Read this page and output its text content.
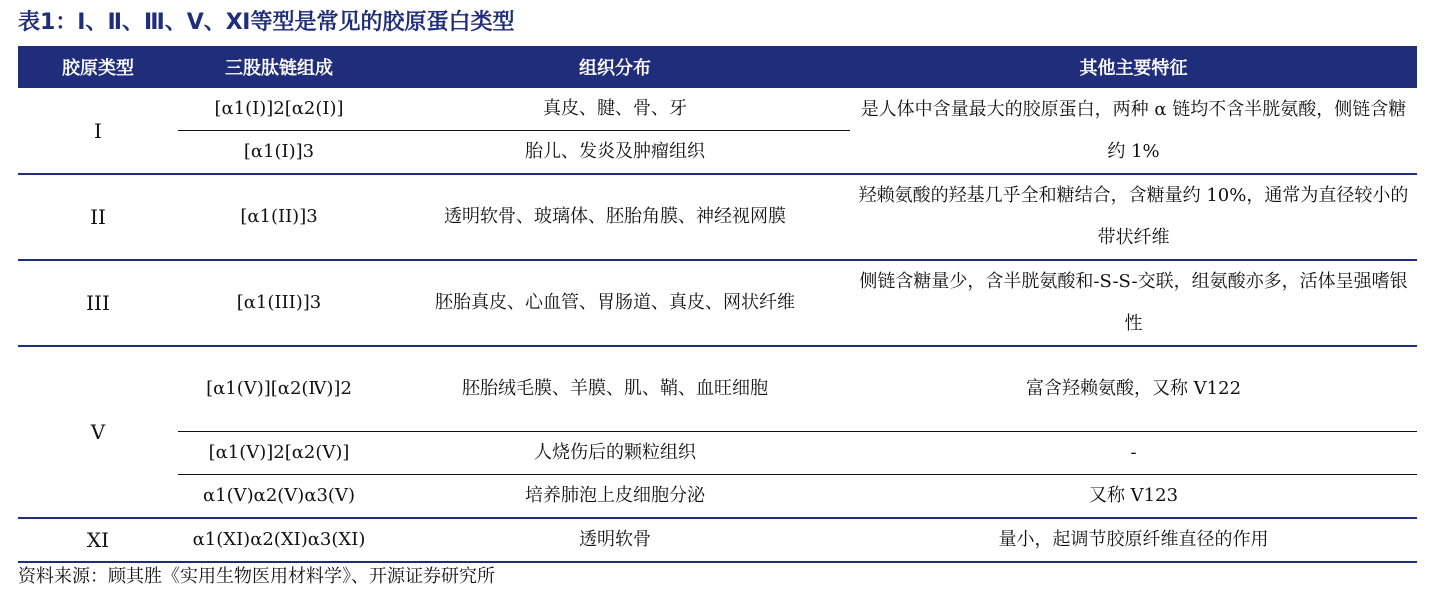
表1：Ⅰ、Ⅱ、Ⅲ、Ⅴ、Ⅺ等型是常见的胶原蛋白类型
胶原类型	三股肽链组成	组织分布	其他主要特征
I	[α1(I)]2[α2(I)]	真皮、腱、骨、牙	是人体中含量最大的胶原蛋白，两种 α 链均不含半胱氨酸，侧链含糖约 1%
	[α1(I)]3	胎儿、发炎及肿瘤组织	
II	[α1(II)]3	透明软骨、玻璃体、胚胎角膜、神经视网膜	羟赖氨酸的羟基几乎全和糖结合，含糖量约 10%，通常为直径较小的带状纤维
III	[α1(III)]3	胚胎真皮、心血管、胃肠道、真皮、网状纤维	侧链含糖量少，含半胱氨酸和-S-S-交联，组氨酸亦多，活体呈强嗜银性
V	[α1(Ⅴ)][α2(Ⅳ)]2	胚胎绒毛膜、羊膜、肌、鞘、血旺细胞	富含羟赖氨酸，又称 V122
	[α1(Ⅴ)]2[α2(Ⅴ)]	人烧伤后的颗粒组织	-
	α1(Ⅴ)α2(Ⅴ)α3(Ⅴ)	培养肺泡上皮细胞分泌	又称 V123
XI	α1(XI)α2(XI)α3(XI)	透明软骨	量小，起调节胶原纤维直径的作用
资料来源：顾其胜《实用生物医用材料学》、开源证券研究所
